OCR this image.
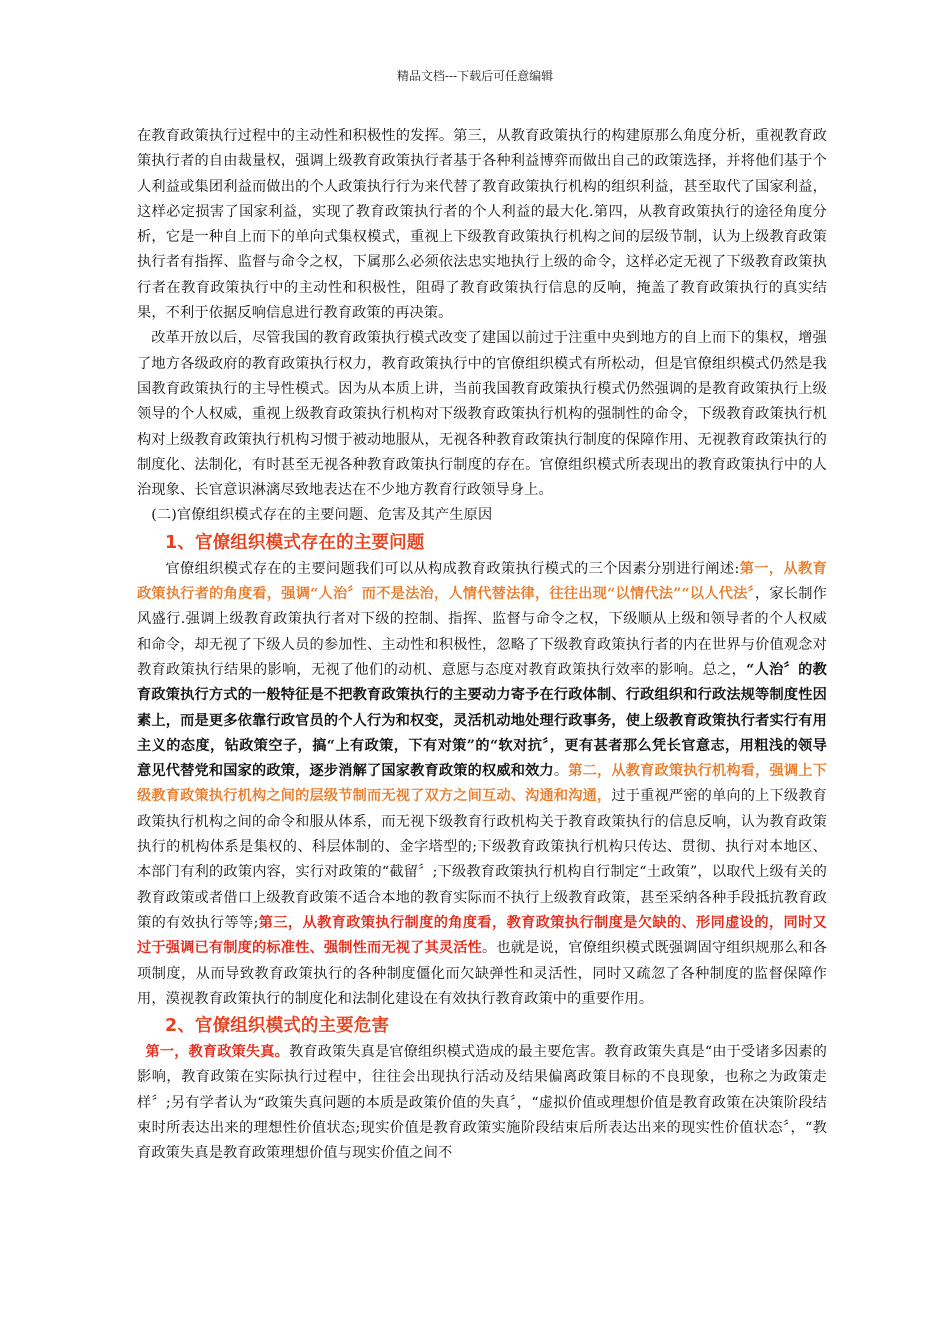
精品文档---下载后可任意编辑

在教育政策执行过程中的主动性和积极性的发挥。第三，从教育政策执行的构建原那么角度分析，重视教育政策执行者的自由裁量权，强调上级教育政策执行者基于各种利益博弈而做出自己的政策选择，并将他们基于个人利益或集团利益而做出的个人政策执行行为来代替了教育政策执行机构的组织利益，甚至取代了国家利益，这样必定损害了国家利益，实现了教育政策执行者的个人利益的最大化.第四，从教育政策执行的途径角度分析，它是一种自上而下的单向式集权模式，重视上下级教育政策执行机构之间的层级节制，认为上级教育政策执行者有指挥、监督与命令之权，下属那么必须依法忠实地执行上级的命令，这样必定无视了下级教育政策执行者在教育政策执行中的主动性和积极性，阻碍了教育政策执行信息的反响，掩盖了教育政策执行的真实结果，不利于依据反响信息进行教育政策的再决策。

改革开放以后，尽管我国的教育政策执行模式改变了建国以前过于注重中央到地方的自上而下的集权，增强了地方各级政府的教育政策执行权力，教育政策执行中的官僚组织模式有所松动，但是官僚组织模式仍然是我国教育政策执行的主导性模式。因为从本质上讲，当前我国教育政策执行模式仍然强调的是教育政策执行上级领导的个人权威，重视上级教育政策执行机构对下级教育政策执行机构的强制性的命令，下级教育政策执行机构对上级教育政策执行机构习惯于被动地服从，无视各种教育政策执行制度的保障作用、无视教育政策执行的制度化、法制化，有时甚至无视各种教育政策执行制度的存在。官僚组织模式所表现出的教育政策执行中的人治现象、长官意识淋漓尽致地表达在不少地方教育行政领导身上。

(二)官僚组织模式存在的主要问题、危害及其产生原因

1、官僚组织模式存在的主要问题

官僚组织模式存在的主要问题我们可以从构成教育政策执行模式的三个因素分别进行阐述:第一，从教育政策执行者的角度看，强调“人治〞而不是法治，人情代替法律，往往出现“以情代法”“以人代法〞，家长制作风盛行.强调上级教育政策执行者对下级的控制、指挥、监督与命令之权，下级顺从上级和领导者的个人权威和命令，却无视了下级人员的参加性、主动性和积极性，忽略了下级教育政策执行者的内在世界与价值观念对教育政策执行结果的影响，无视了他们的动机、意愿与态度对教育政策执行效率的影响。总之，“人治〞的教育政策执行方式的一般特征是不把教育政策执行的主要动力寄予在行政体制、行政组织和行政法规等制度性因素上，而是更多依靠行政官员的个人行为和权变，灵活机动地处理行政事务，使上级教育政策执行者实行有用主义的态度，钻政策空子，搞“上有政策，下有对策”的“软对抗〞，更有甚者那么凭长官意志，用粗浅的领导意见代替党和国家的政策，逐步消解了国家教育政策的权威和效力。第二，从教育政策执行机构看，强调上下级教育政策执行机构之间的层级节制而无视了双方之间互动、沟通和沟通，过于重视严密的单向的上下级教育政策执行机构之间的命令和服从体系，而无视下级教育行政机构关于教育政策执行的信息反响，认为教育政策执行的机构体系是集权的、科层体制的、金字塔型的;下级教育政策执行机构只传达、贯彻、执行对本地区、本部门有利的政策内容，实行对政策的“截留〞;下级教育政策执行机构自行制定“土政策”，以取代上级有关的教育政策或者借口上级教育政策不适合本地的教育实际而不执行上级教育政策，甚至采纳各种手段抵抗教育政策的有效执行等等;第三，从教育政策执行制度的角度看，教育政策执行制度是欠缺的、形同虚设的，同时又过于强调已有制度的标准性、强制性而无视了其灵活性。也就是说，官僚组织模式既强调固守组织规那么和各项制度，从而导致教育政策执行的各种制度僵化而欠缺弹性和灵活性，同时又疏忽了各种制度的监督保障作用，漠视教育政策执行的制度化和法制化建设在有效执行教育政策中的重要作用。

2、官僚组织模式的主要危害

第一，教育政策失真。教育政策失真是官僚组织模式造成的最主要危害。教育政策失真是“由于受诸多因素的影响，教育政策在实际执行过程中，往往会出现执行活动及结果偏离政策目标的不良现象，也称之为政策走样〞;另有学者认为“政策失真问题的本质是政策价值的失真〞，“虚拟价值或理想价值是教育政策在决策阶段结束时所表达出来的理想性价值状态;现实价值是教育政策实施阶段结束后所表达出来的现实性价值状态〞，“教育政策失真是教育政策理想价值与现实价值之间不
